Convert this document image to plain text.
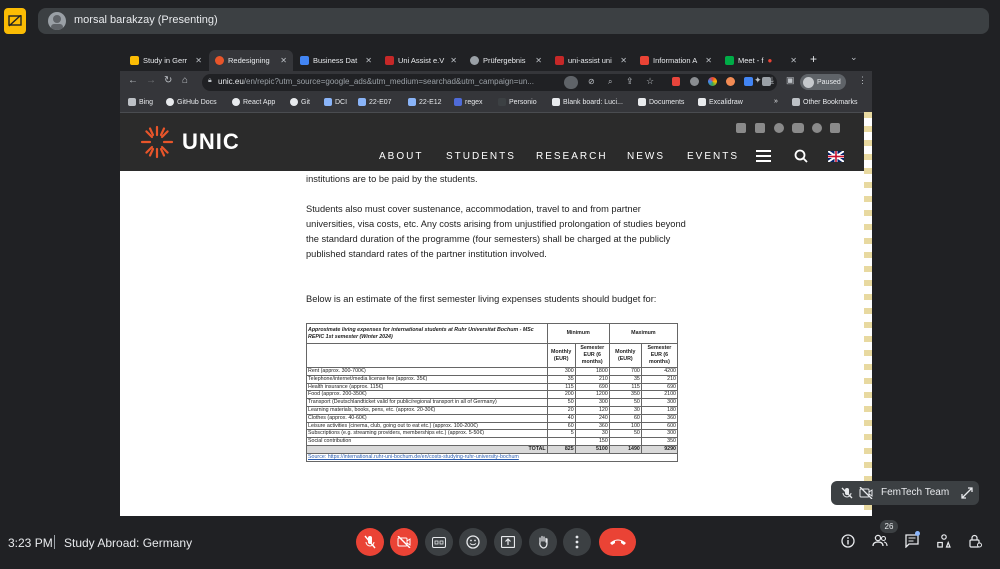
morsal barakzay (Presenting)
Study in Gerr ✕	Redesigning ✕	Business Dat ✕	Uni Assist e.V ✕	Prüfergebnis ✕	uni-assist uni ✕	Information A ✕	Meet - f ● ✕ +	⌄
← → ↻ ⌂	🔒︎ unic.eu/en/repic?utm_source=google_ads&utm_medium=searchad&utm_campaign=un...	⊘ ⌕ ⇪ ☆	✦ ⤓ ▣	Paused ⋮
Bing	GitHub Docs	React App	Git	DCI	22-E07	22-E12	regex	Personio	Blank board: Luci...	Documents	Excalidraw	»	Other Bookmarks
UNIC
ABOUT STUDENTS RESEARCH NEWS EVENTS

institutions are to be paid by the students.

Students also must cover sustenance, accommodation, travel to and from partner universities, visa costs, etc. Any costs arising from unjustified prolongation of studies beyond the standard duration of the programme (four semesters) shall be charged at the publicly published standard rates of the partner institution involved.

Below is an estimate of the first semester living expenses students should budget for:

Approximate living expenses for international students at Ruhr Universitat Bochum - MSc REPIC 1st semester (Winter 2024)	Minimum		Maximum	
	Monthly (EUR)	Semester EUR (6 months)	Monthly (EUR)	Semester EUR (6 months)
Rent (approx. 300-700€)	300	1800	700	4200
Telephone/internet/media license fee (approx. 35€)	35	210	35	210
Health insurance (approx. 115€)	115	690	115	690
Food (approx. 200-350€)	200	1200	350	2100
Transport (Deutschlandticket valid for public/regional transport in all of Germany)	50	300	50	300
Learning materials, books, pens, etc. (approx. 20-30€)	20	120	30	180
Clothes (approx. 40-60€)	40	240	60	360
Leisure activities (cinema, club, going out to eat etc.) (approx. 100-200€)	60	360	100	600
Subscriptions (e.g. streaming providers, memberships etc.) (approx. 5-50€)	5	30	50	300
Social contribution		150		350
TOTAL	825	5100	1490	9290
Source: https://international.ruhr-uni-bochum.de/en/costs-studying-ruhr-university-bochum				
FemTech Team
3:23 PM Study Abroad: Germany
26
